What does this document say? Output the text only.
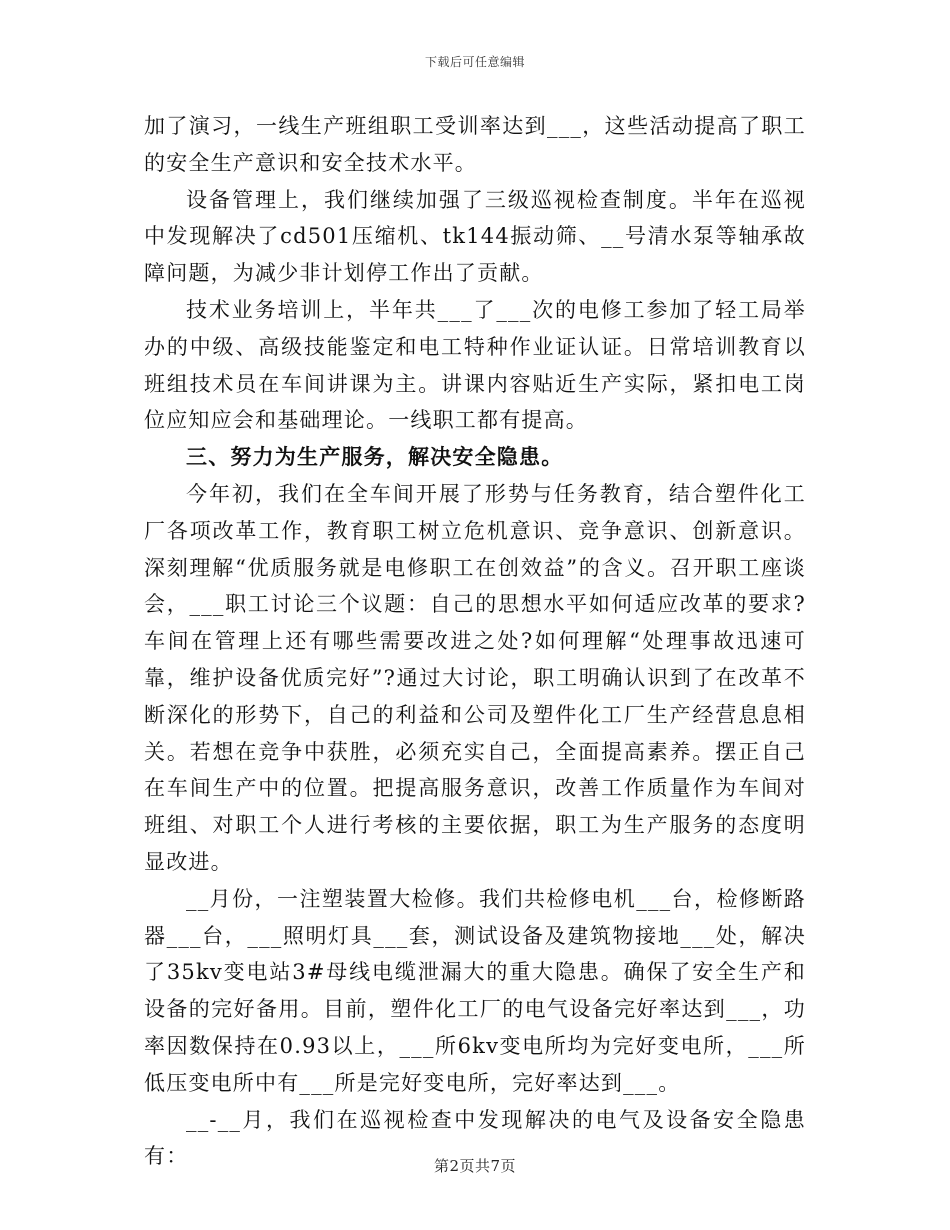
下载后可任意编辑

加了演习，一线生产班组职工受训率达到___，这些活动提高了职工的安全生产意识和安全技术水平。

设备管理上，我们继续加强了三级巡视检查制度。半年在巡视中发现解决了cd501压缩机、tk144振动筛、__号清水泵等轴承故障问题，为减少非计划停工作出了贡献。

技术业务培训上，半年共___了___次的电修工参加了轻工局举办的中级、高级技能鉴定和电工特种作业证认证。日常培训教育以班组技术员在车间讲课为主。讲课内容贴近生产实际，紧扣电工岗位应知应会和基础理论。一线职工都有提高。

三、努力为生产服务，解决安全隐患。

今年初，我们在全车间开展了形势与任务教育，结合塑件化工厂各项改革工作，教育职工树立危机意识、竞争意识、创新意识。深刻理解“优质服务就是电修职工在创效益”的含义。召开职工座谈会，___职工讨论三个议题：自己的思想水平如何适应改革的要求?车间在管理上还有哪些需要改进之处?如何理解“处理事故迅速可靠，维护设备优质完好”?通过大讨论，职工明确认识到了在改革不断深化的形势下，自己的利益和公司及塑件化工厂生产经营息息相关。若想在竞争中获胜，必须充实自己，全面提高素养。摆正自己在车间生产中的位置。把提高服务意识，改善工作质量作为车间对班组、对职工个人进行考核的主要依据，职工为生产服务的态度明显改进。

__月份，一注塑装置大检修。我们共检修电机___台，检修断路器___台，___照明灯具___套，测试设备及建筑物接地___处，解决了35kv变电站3#母线电缆泄漏大的重大隐患。确保了安全生产和设备的完好备用。目前，塑件化工厂的电气设备完好率达到___，功率因数保持在0.93以上，___所6kv变电所均为完好变电所，___所低压变电所中有___所是完好变电所，完好率达到___。

__-__月，我们在巡视检查中发现解决的电气及设备安全隐患有：	第2页共7页
